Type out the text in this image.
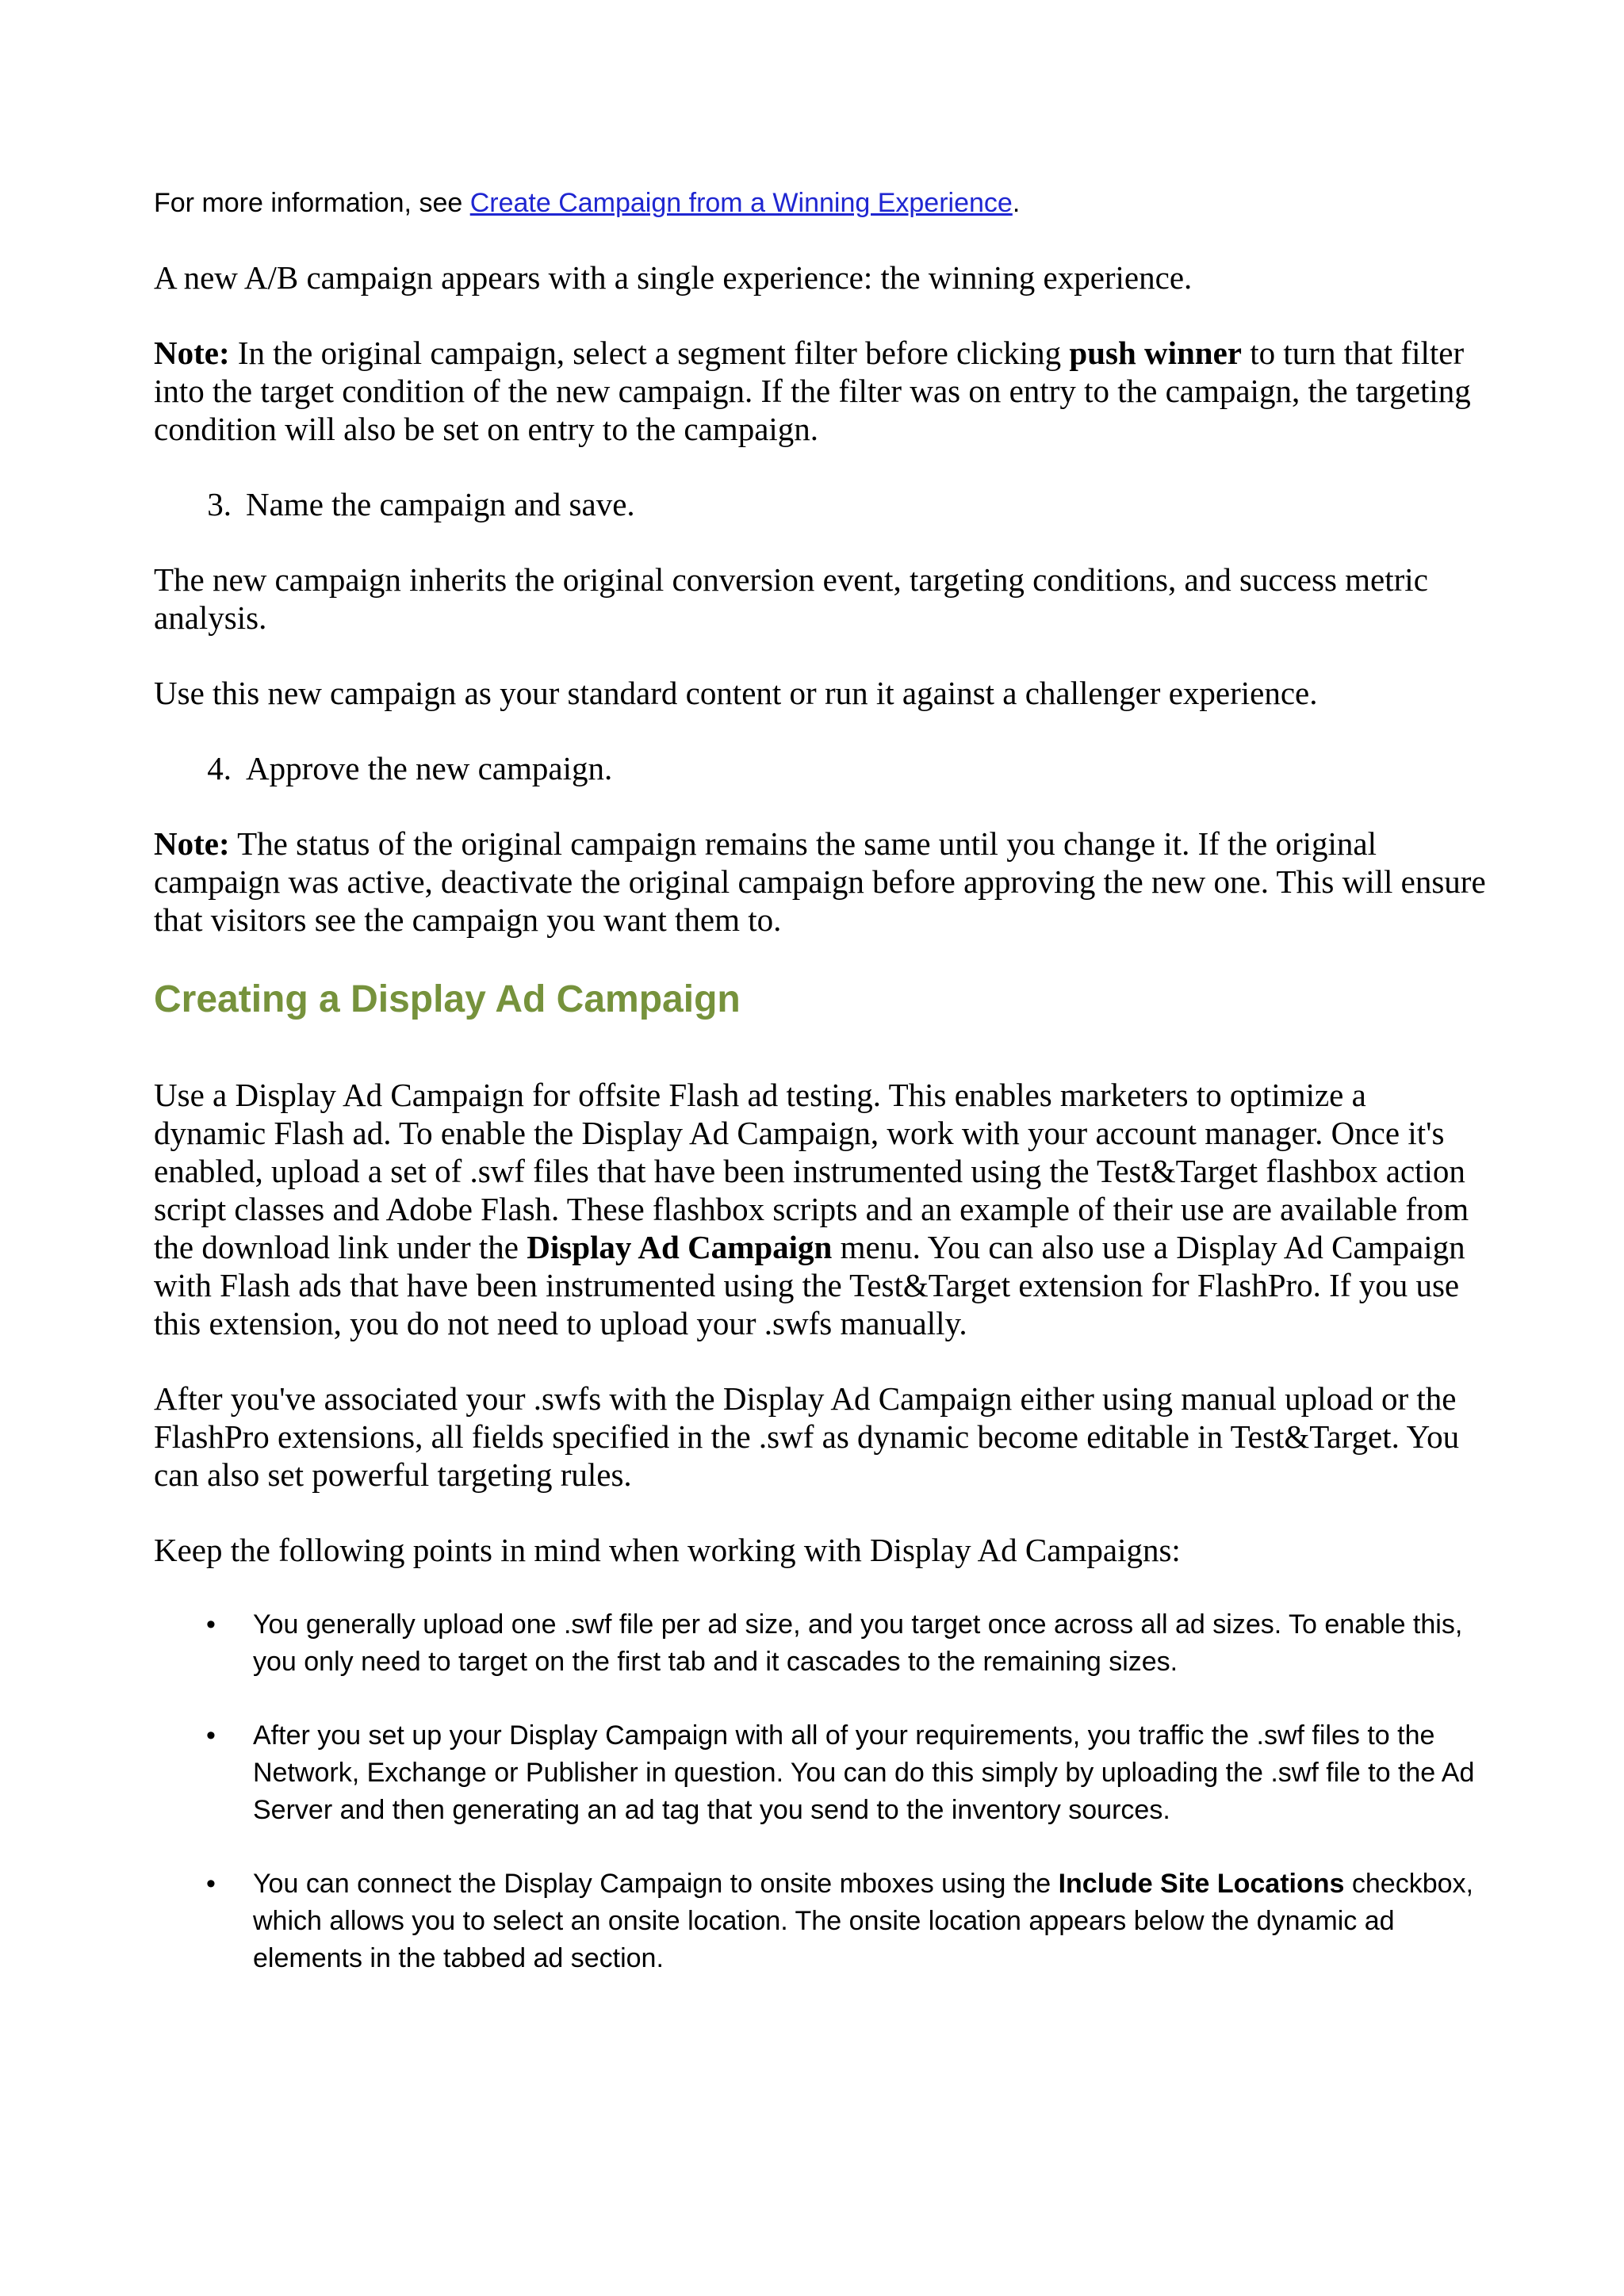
For more information, see Create Campaign from a Winning Experience.

A new A/B campaign appears with a single experience: the winning experience.

Note: In the original campaign, select a segment filter before clicking push winner to turn that filter into the target condition of the new campaign. If the filter was on entry to the campaign, the targeting condition will also be set on entry to the campaign.

3. Name the campaign and save.

The new campaign inherits the original conversion event, targeting conditions, and success metric analysis.

Use this new campaign as your standard content or run it against a challenger experience.

4. Approve the new campaign.

Note: The status of the original campaign remains the same until you change it. If the original campaign was active, deactivate the original campaign before approving the new one. This will ensure that visitors see the campaign you want them to.

Creating a Display Ad Campaign

Use a Display Ad Campaign for offsite Flash ad testing. This enables marketers to optimize a dynamic Flash ad. To enable the Display Ad Campaign, work with your account manager. Once it's enabled, upload a set of .swf files that have been instrumented using the Test&Target flashbox action script classes and Adobe Flash. These flashbox scripts and an example of their use are available from the download link under the Display Ad Campaign menu. You can also use a Display Ad Campaign with Flash ads that have been instrumented using the Test&Target extension for FlashPro. If you use this extension, you do not need to upload your .swfs manually.

After you've associated your .swfs with the Display Ad Campaign either using manual upload or the FlashPro extensions, all fields specified in the .swf as dynamic become editable in Test&Target. You can also set powerful targeting rules.

Keep the following points in mind when working with Display Ad Campaigns:

• You generally upload one .swf file per ad size, and you target once across all ad sizes. To enable this, you only need to target on the first tab and it cascades to the remaining sizes.
• After you set up your Display Campaign with all of your requirements, you traffic the .swf files to the Network, Exchange or Publisher in question. You can do this simply by uploading the .swf file to the Ad Server and then generating an ad tag that you send to the inventory sources.
• You can connect the Display Campaign to onsite mboxes using the Include Site Locations checkbox, which allows you to select an onsite location. The onsite location appears below the dynamic ad elements in the tabbed ad section.
